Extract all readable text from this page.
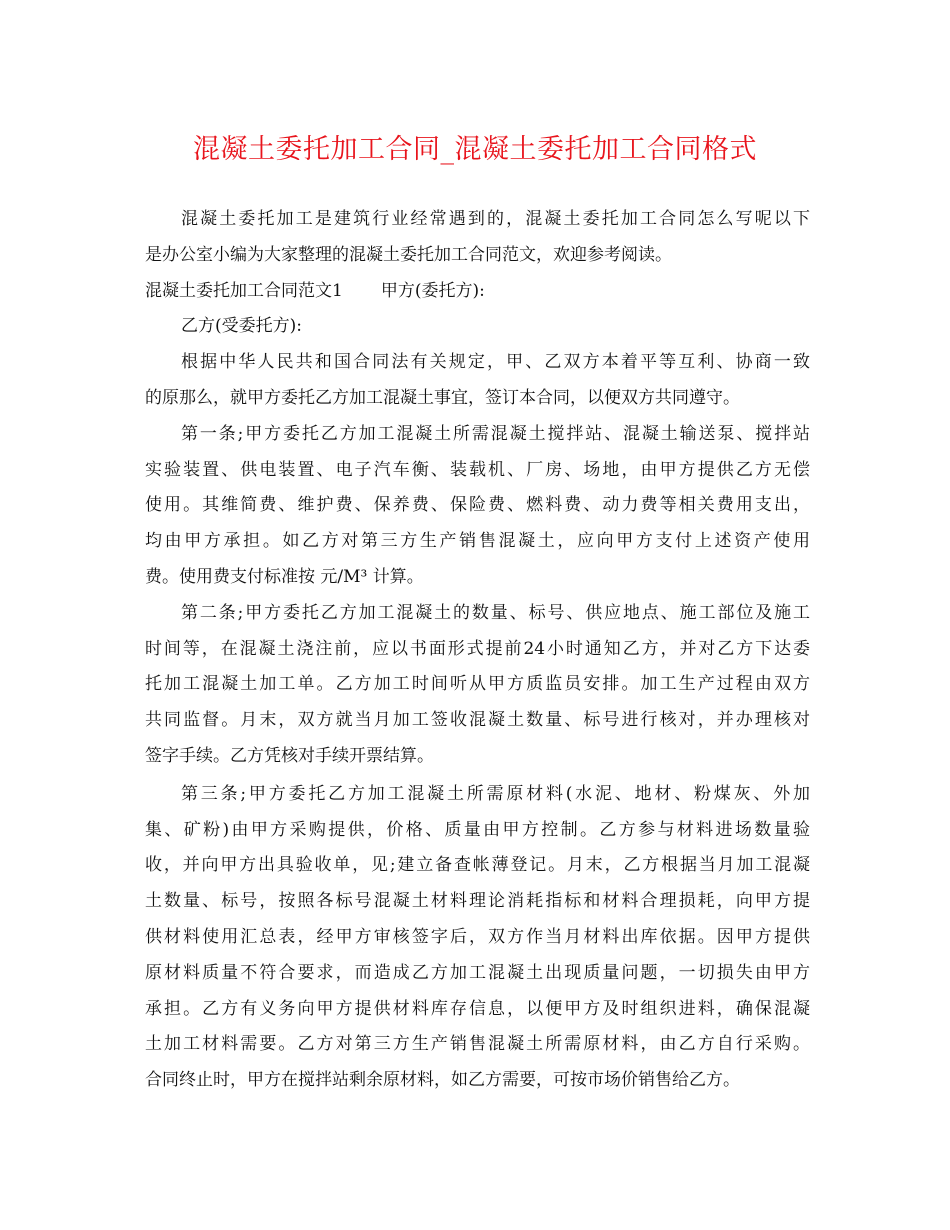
混凝土委托加工合同_混凝土委托加工合同格式
混凝土委托加工是建筑行业经常遇到的，混凝土委托加工合同怎么写呢以下
是办公室小编为大家整理的混凝土委托加工合同范文，欢迎参考阅读。
混凝土委托加工合同范文1 甲方(委托方):
乙方(受委托方):
根据中华人民共和国合同法有关规定，甲、乙双方本着平等互利、协商一致
的原那么，就甲方委托乙方加工混凝土事宜，签订本合同，以便双方共同遵守。
第一条;甲方委托乙方加工混凝土所需混凝土搅拌站、混凝土输送泵、搅拌站
实验装置、供电装置、电子汽车衡、装载机、厂房、场地，由甲方提供乙方无偿
使用。其维简费、维护费、保养费、保险费、燃料费、动力费等相关费用支出，
均由甲方承担。如乙方对第三方生产销售混凝土，应向甲方支付上述资产使用
费。使用费支付标准按 元/M³ 计算。
第二条;甲方委托乙方加工混凝土的数量、标号、供应地点、施工部位及施工
时间等，在混凝土浇注前，应以书面形式提前24小时通知乙方，并对乙方下达委
托加工混凝土加工单。乙方加工时间听从甲方质监员安排。加工生产过程由双方
共同监督。月末，双方就当月加工签收混凝土数量、标号进行核对，并办理核对
签字手续。乙方凭核对手续开票结算。
第三条;甲方委托乙方加工混凝土所需原材料(水泥、地材、粉煤灰、外加
集、矿粉)由甲方采购提供，价格、质量由甲方控制。乙方参与材料进场数量验
收，并向甲方出具验收单，见;建立备查帐薄登记。月末，乙方根据当月加工混凝
土数量、标号，按照各标号混凝土材料理论消耗指标和材料合理损耗，向甲方提
供材料使用汇总表，经甲方审核签字后，双方作当月材料出库依据。因甲方提供
原材料质量不符合要求，而造成乙方加工混凝土出现质量问题，一切损失由甲方
承担。乙方有义务向甲方提供材料库存信息，以便甲方及时组织进料，确保混凝
土加工材料需要。乙方对第三方生产销售混凝土所需原材料，由乙方自行采购。
合同终止时，甲方在搅拌站剩余原材料，如乙方需要，可按市场价销售给乙方。
